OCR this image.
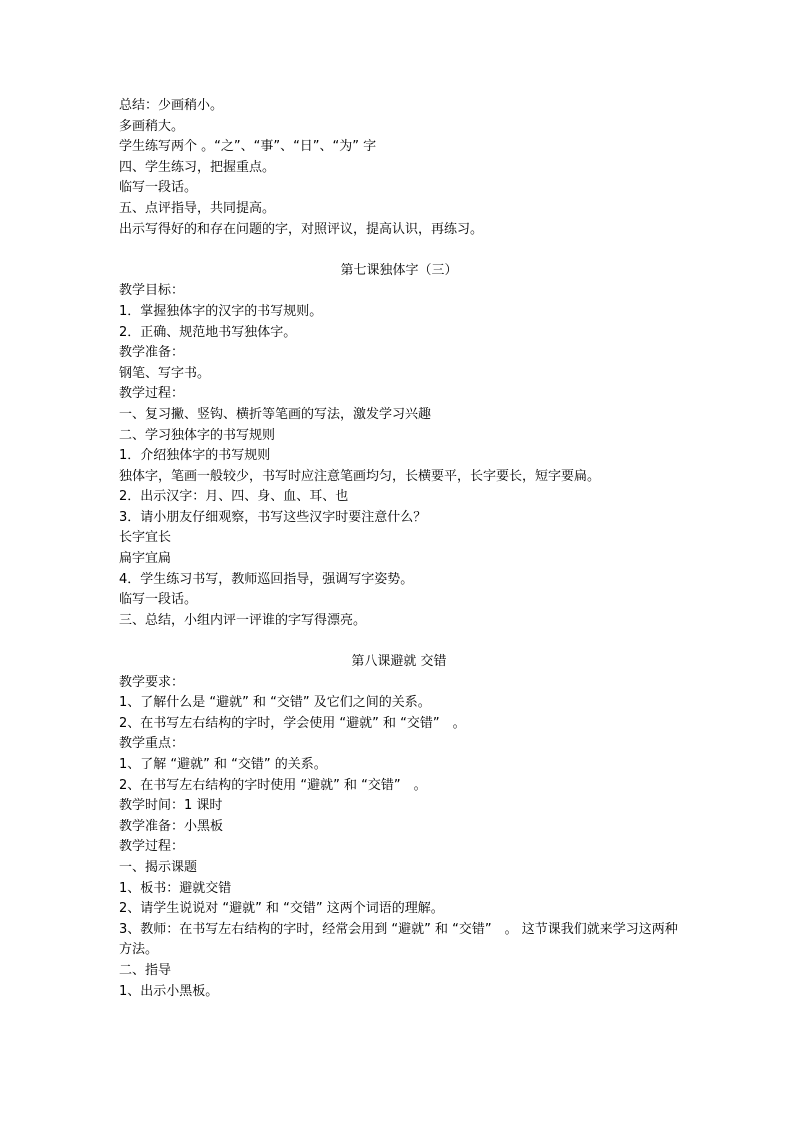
总结：少画稍小。
多画稍大。
学生练写两个 。“之”、“事”、“日”、“为” 字
四、学生练习，把握重点。
临写一段话。
五、点评指导，共同提高。
出示写得好的和存在问题的字，对照评议，提高认识，再练习。
第七课独体字（三）
教学目标：
1．掌握独体字的汉字的书写规则。
2．正确、规范地书写独体字。
教学准备：
钢笔、写字书。
教学过程：
一、复习撇、竖钩、横折等笔画的写法，激发学习兴趣
二、学习独体字的书写规则
1．介绍独体字的书写规则
独体字，笔画一般较少，书写时应注意笔画均匀，长横要平，长字要长，短字要扁。
2．出示汉字：月、四、身、血、耳、也
3．请小朋友仔细观察，书写这些汉字时要注意什么？
长字宜长
扁字宜扁
4．学生练习书写，教师巡回指导，强调写字姿势。
临写一段话。
三、总结，小组内评一评谁的字写得漂亮。
第八课避就 交错
教学要求：
1、了解什么是 “避就” 和 “交错” 及它们之间的关系。
2、在书写左右结构的字时，学会使用 “避就” 和 “交错”　。
教学重点：
1、了解 “避就” 和 “交错” 的关系。
2、在书写左右结构的字时使用 “避就” 和 “交错”　。
教学时间：1 课时
教学准备：小黑板
教学过程：
一、揭示课题
1、板书：避就交错
2、请学生说说对 “避就” 和 “交错” 这两个词语的理解。
3、教师：在书写左右结构的字时，经常会用到 “避就” 和 “交错”　。 这节课我们就来学习这两种方法。
二、指导
1、出示小黑板。
